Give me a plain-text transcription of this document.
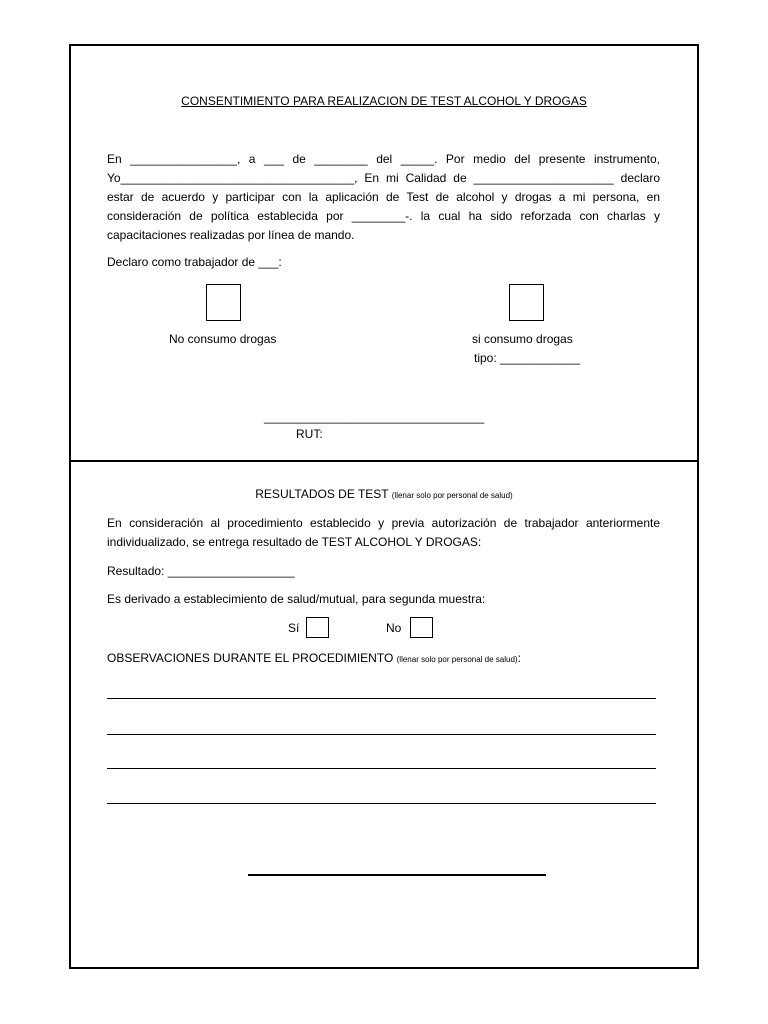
CONSENTIMIENTO PARA REALIZACION DE TEST ALCOHOL Y DROGAS
En ________________, a ___ de ________ del _____. Por medio del presente instrumento,
Yo___________________________________, En mi Calidad de _____________________ declaro
estar de acuerdo y participar con la aplicación de Test de alcohol y drogas a mi persona, en
consideración de política establecida por ________-. la cual ha sido reforzada con charlas y
capacitaciones realizadas por línea de mando.
Declaro como trabajador de ___:
No consumo drogas	si consumo drogas
tipo: ____________
_________________________________
RUT:
RESULTADOS DE TEST (llenar solo por personal de salud)
En consideración al procedimiento establecido y previa autorización de trabajador anteriormente
individualizado, se entrega resultado de TEST ALCOHOL Y DROGAS:
Resultado: ___________________
Es derivado a establecimiento de salud/mutual, para segunda muestra:
Sí	No
OBSERVACIONES DURANTE EL PROCEDIMIENTO (llenar solo por personal de salud):
